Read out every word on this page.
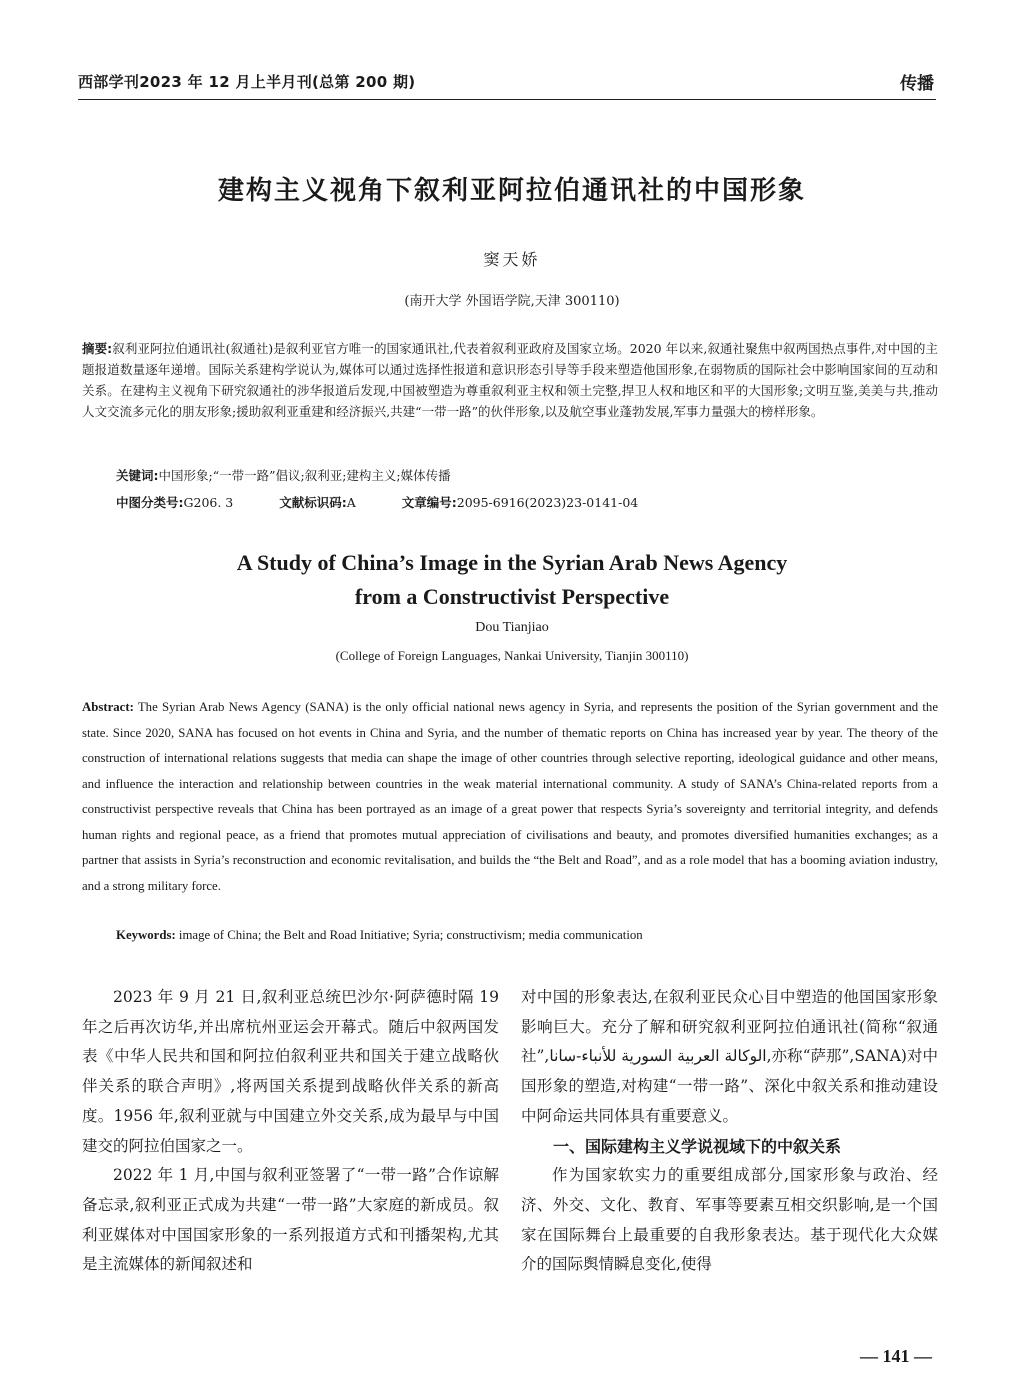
西部学刊2023 年 12 月上半月刊(总第 200 期)	传播
建构主义视角下叙利亚阿拉伯通讯社的中国形象
窦天娇
(南开大学 外国语学院,天津 300110)

摘要:叙利亚阿拉伯通讯社(叙通社)是叙利亚官方唯一的国家通讯社,代表着叙利亚政府及国家立场。2020 年以来,叙通社聚焦中叙两国热点事件,对中国的主题报道数量逐年递增。国际关系建构学说认为,媒体可以通过选择性报道和意识形态引导等手段来塑造他国形象,在弱物质的国际社会中影响国家间的互动和关系。在建构主义视角下研究叙通社的涉华报道后发现,中国被塑造为尊重叙利亚主权和领土完整,捍卫人权和地区和平的大国形象;文明互鉴,美美与共,推动人文交流多元化的朋友形象;援助叙利亚重建和经济振兴,共建“一带一路”的伙伴形象,以及航空事业蓬勃发展,军事力量强大的榜样形象。

关键词:中国形象;“一带一路”倡议;叙利亚;建构主义;媒体传播
中图分类号:G206. 3	文献标识码:A	文章编号:2095-6916(2023)23-0141-04
A Study of China’s Image in the Syrian Arab News Agency
from a Constructivist Perspective
Dou Tianjiao
(College of Foreign Languages, Nankai University, Tianjin 300110)
Abstract: The Syrian Arab News Agency (SANA) is the only official national news agency in Syria, and represents the position of the Syrian government and the state. Since 2020, SANA has focused on hot events in China and Syria, and the number of thematic reports on China has increased year by year. The theory of the construction of international relations suggests that media can shape the image of other countries through selective reporting, ideological guidance and other means, and influence the interaction and relationship between countries in the weak material international community. A study of SANA’s China-related reports from a constructivist perspective reveals that China has been portrayed as an image of a great power that respects Syria’s sovereignty and territorial integrity, and defends human rights and regional peace, as a friend that promotes mutual appreciation of civilisations and beauty, and promotes diversified humanities exchanges; as a partner that assists in Syria’s reconstruction and economic revitalisation, and builds the “the Belt and Road”, and as a role model that has a booming aviation industry, and a strong military force.
Keywords: image of China; the Belt and Road Initiative; Syria; constructivism; media communication

2023 年 9 月 21 日,叙利亚总统巴沙尔·阿萨德时隔 19 年之后再次访华,并出席杭州亚运会开幕式。随后中叙两国发表《中华人民共和国和阿拉伯叙利亚共和国关于建立战略伙伴关系的联合声明》,将两国关系提到战略伙伴关系的新高度。1956 年,叙利亚就与中国建立外交关系,成为最早与中国建交的阿拉伯国家之一。

2022 年 1 月,中国与叙利亚签署了“一带一路”合作谅解备忘录,叙利亚正式成为共建“一带一路”大家庭的新成员。叙利亚媒体对中国国家形象的一系列报道方式和刊播架构,尤其是主流媒体的新闻叙述和

对中国的形象表达,在叙利亚民众心目中塑造的他国国家形象影响巨大。充分了解和研究叙利亚阿拉伯通讯社(简称“叙通社”,الوكالة العربية السورية للأنباء-سانا,亦称“萨那”,SANA)对中国形象的塑造,对构建“一带一路”、深化中叙关系和推动建设中阿命运共同体具有重要意义。

一、国际建构主义学说视域下的中叙关系

作为国家软实力的重要组成部分,国家形象与政治、经济、外交、文化、教育、军事等要素互相交织影响,是一个国家在国际舞台上最重要的自我形象表达。基于现代化大众媒介的国际舆情瞬息变化,使得

— 141 —
